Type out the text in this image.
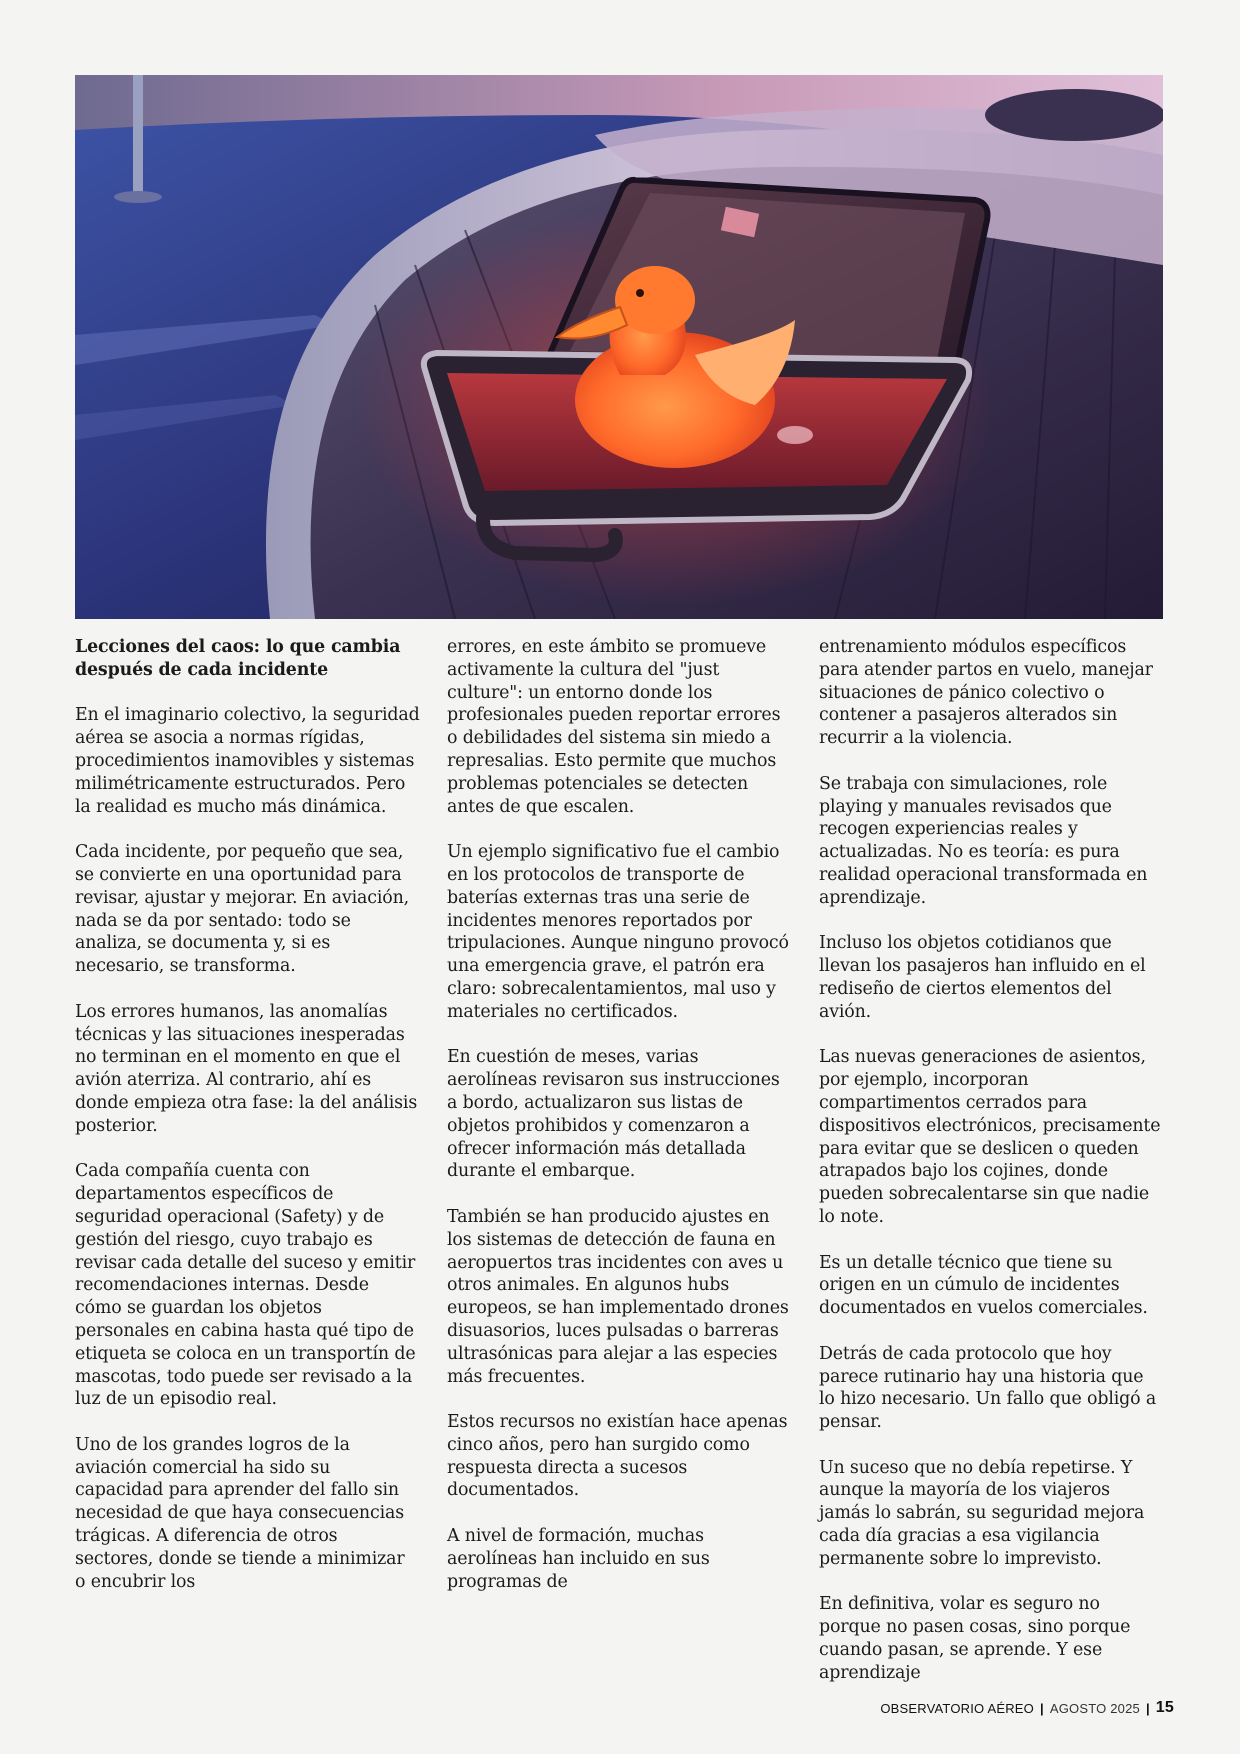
Lecciones del caos: lo que cambia después de cada incidente

En el imaginario colectivo, la seguridad aérea se asocia a normas rígidas, procedimientos inamovibles y sistemas milimétricamente estructurados. Pero la realidad es mucho más dinámica.

Cada incidente, por pequeño que sea, se convierte en una oportunidad para revisar, ajustar y mejorar. En aviación, nada se da por sentado: todo se analiza, se documenta y, si es necesario, se transforma.

Los errores humanos, las anomalías técnicas y las situaciones inesperadas no terminan en el momento en que el avión aterriza. Al contrario, ahí es donde empieza otra fase: la del análisis posterior.

Cada compañía cuenta con departamentos específicos de seguridad operacional (Safety) y de gestión del riesgo, cuyo trabajo es revisar cada detalle del suceso y emitir recomendaciones internas. Desde cómo se guardan los objetos personales en cabina hasta qué tipo de etiqueta se coloca en un transportín de mascotas, todo puede ser revisado a la luz de un episodio real.

Uno de los grandes logros de la aviación comercial ha sido su capacidad para aprender del fallo sin necesidad de que haya consecuencias trágicas. A diferencia de otros sectores, donde se tiende a minimizar o encubrir los

errores, en este ámbito se promueve activamente la cultura del "just culture": un entorno donde los profesionales pueden reportar errores o debilidades del sistema sin miedo a represalias. Esto permite que muchos problemas potenciales se detecten antes de que escalen.

Un ejemplo significativo fue el cambio en los protocolos de transporte de baterías externas tras una serie de incidentes menores reportados por tripulaciones. Aunque ninguno provocó una emergencia grave, el patrón era claro: sobrecalentamientos, mal uso y materiales no certificados.

En cuestión de meses, varias aerolíneas revisaron sus instrucciones a bordo, actualizaron sus listas de objetos prohibidos y comenzaron a ofrecer información más detallada durante el embarque.

También se han producido ajustes en los sistemas de detección de fauna en aeropuertos tras incidentes con aves u otros animales. En algunos hubs europeos, se han implementado drones disuasorios, luces pulsadas o barreras ultrasónicas para alejar a las especies más frecuentes.

Estos recursos no existían hace apenas cinco años, pero han surgido como respuesta directa a sucesos documentados.

A nivel de formación, muchas aerolíneas han incluido en sus programas de

entrenamiento módulos específicos para atender partos en vuelo, manejar situaciones de pánico colectivo o contener a pasajeros alterados sin recurrir a la violencia.

Se trabaja con simulaciones, role playing y manuales revisados que recogen experiencias reales y actualizadas. No es teoría: es pura realidad operacional transformada en aprendizaje.

Incluso los objetos cotidianos que llevan los pasajeros han influido en el rediseño de ciertos elementos del avión.

Las nuevas generaciones de asientos, por ejemplo, incorporan compartimentos cerrados para dispositivos electrónicos, precisamente para evitar que se deslicen o queden atrapados bajo los cojines, donde pueden sobrecalentarse sin que nadie lo note.

Es un detalle técnico que tiene su origen en un cúmulo de incidentes documentados en vuelos comerciales.

Detrás de cada protocolo que hoy parece rutinario hay una historia que lo hizo necesario. Un fallo que obligó a pensar.

Un suceso que no debía repetirse. Y aunque la mayoría de los viajeros jamás lo sabrán, su seguridad mejora cada día gracias a esa vigilancia permanente sobre lo imprevisto.

En definitiva, volar es seguro no porque no pasen cosas, sino porque cuando pasan, se aprende. Y ese aprendizaje

OBSERVATORIO AÉREO | AGOSTO 2025 | 15
